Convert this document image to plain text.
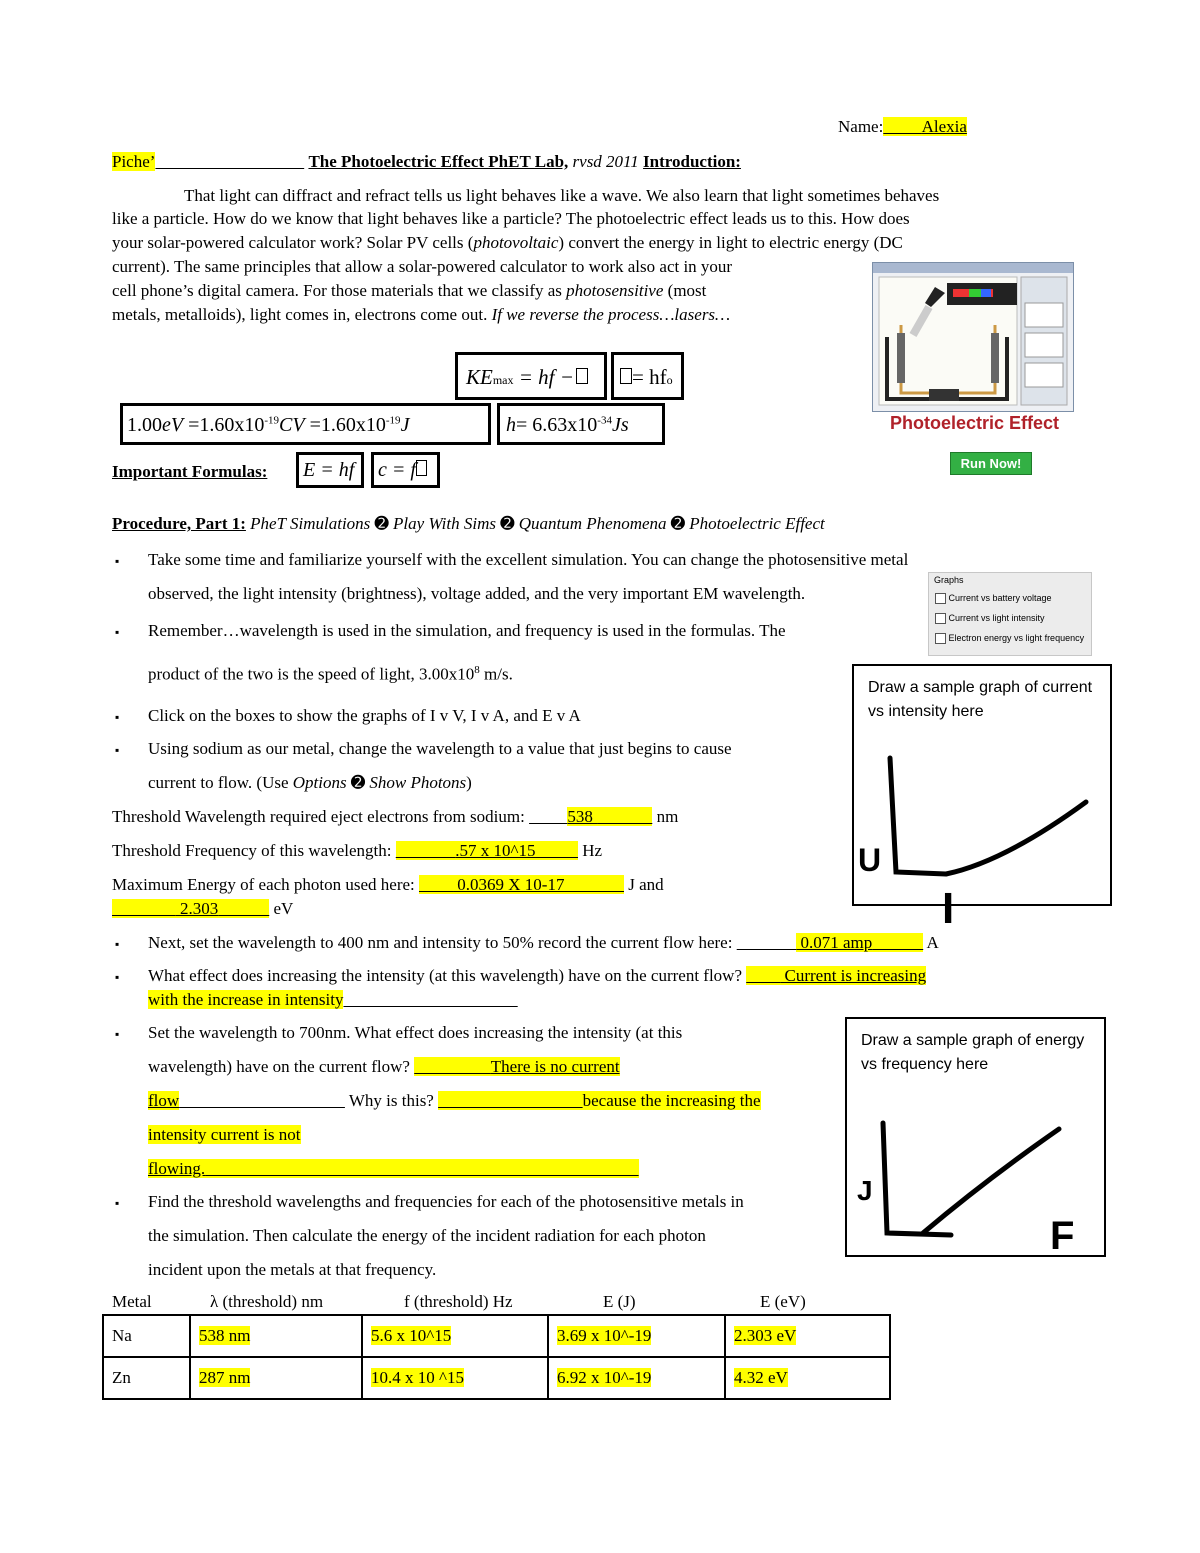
Name: Alexia
Piche’	The Photoelectric Effect PhET Lab, rvsd 2011 Introduction:
That light can diffract and refract tells us light behaves like a wave. We also learn that light sometimes behaves
like a particle. How do we know that light behaves like a particle? The photoelectric effect leads us to this. How does
your solar-powered calculator work? Solar PV cells (photovoltaic) convert the energy in light to electric energy (DC
current). The same principles that allow a solar-powered calculator to work also act in your
cell phone’s digital camera. For those materials that we classify as photosensitive (most
metals, metalloids), light comes in, electrons come out. If we reverse the process…lasers…
Photoelectric Effect
Run Now!
KEmax = hf −	= hfo
$1.00eV =1.60x10^{-19}CV =1.60x10^{-19}J$	$h= 6.63x10^{-34}Js$
Important Formulas:	E = hf	c = f
Procedure, Part 1: PheT Simulations ➋ Play With Sims ➋ Quantum Phenomena ➋ Photoelectric Effect
▪ Take some time and familiarize yourself with the excellent simulation. You can change the photosensitive metal
observed, the light intensity (brightness), voltage added, and the very important EM wavelength.
▪ Remember…wavelength is used in the simulation, and frequency is used in the formulas. The
product of the two is the speed of light, $3.00x10^8$ m/s.
Graphs
Current vs battery voltage
Current vs light intensity
Electron energy vs light frequency
▪ Click on the boxes to show the graphs of I v V, I v A, and E v A
▪ Using sodium as our metal, change the wavelength to a value that just begins to cause
current to flow. (Use Options ➋ Show Photons)
Threshold Wavelength required eject electrons from sodium:          538	nm
Threshold Frequency of this wavelength:	.57 x 10^15	Hz
Maximum Energy of each photon used here:          0.0369 X 10-17	J and
2.303	eV
▪ Next, set the wavelength to 400 nm and intensity to 50% record the current flow here:	0.071 amp	A
▪ What effect does increasing the intensity (at this wavelength) have on the current flow?          Current is increasing
with the increase in intensity
▪ Set the wavelength to 700nm. What effect does increasing the intensity (at this
wavelength) have on the current flow?	There is no current
flow	Why is this?	because the increasing the
intensity current is not
flowing.
▪ Find the threshold wavelengths and frequencies for each of the photosensitive metals in
the simulation. Then calculate the energy of the incident radiation for each photon
incident upon the metals at that frequency.
Draw a sample graph of current vs intensity here
U
I
Draw a sample graph of energy vs frequency here
J
F
Metal	λ (threshold) nm	f (threshold) Hz	E (J)	E (eV)
Na	538 nm	5.6 x 10^15	3.69 x 10^-19	2.303 eV
Zn	287 nm	10.4 x 10 ^15	6.92 x 10^-19	4.32 eV
